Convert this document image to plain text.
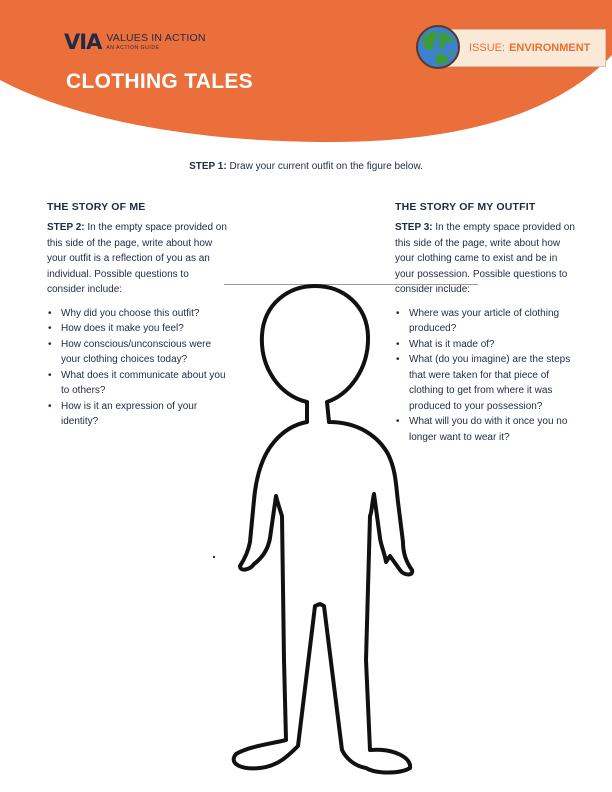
VIA VALUES IN ACTION
AN ACTION GUIDE	ISSUE: ENVIRONMENT
CLOTHING TALES
STEP 1: Draw your current outfit on the figure below.
THE STORY OF ME

STEP 2: In the empty space provided on this side of the page, write about how your outfit is a reflection of you as an individual. Possible questions to consider include:

• Why did you choose this outfit?
• How does it make you feel?
• How conscious/unconscious were your clothing choices today?
• What does it communicate about you to others?
• How is it an expression of your identity?
THE STORY OF MY OUTFIT

STEP 3: In the empty space provided on this side of the page, write about how your clothing came to exist and be in your possession. Possible questions to consider include:

• Where was your article of clothing produced?
• What is it made of?
• What (do you imagine) are the steps that were taken for that piece of clothing to get from where it was produced to your possession?
• What will you do with it once you no longer want to wear it?
